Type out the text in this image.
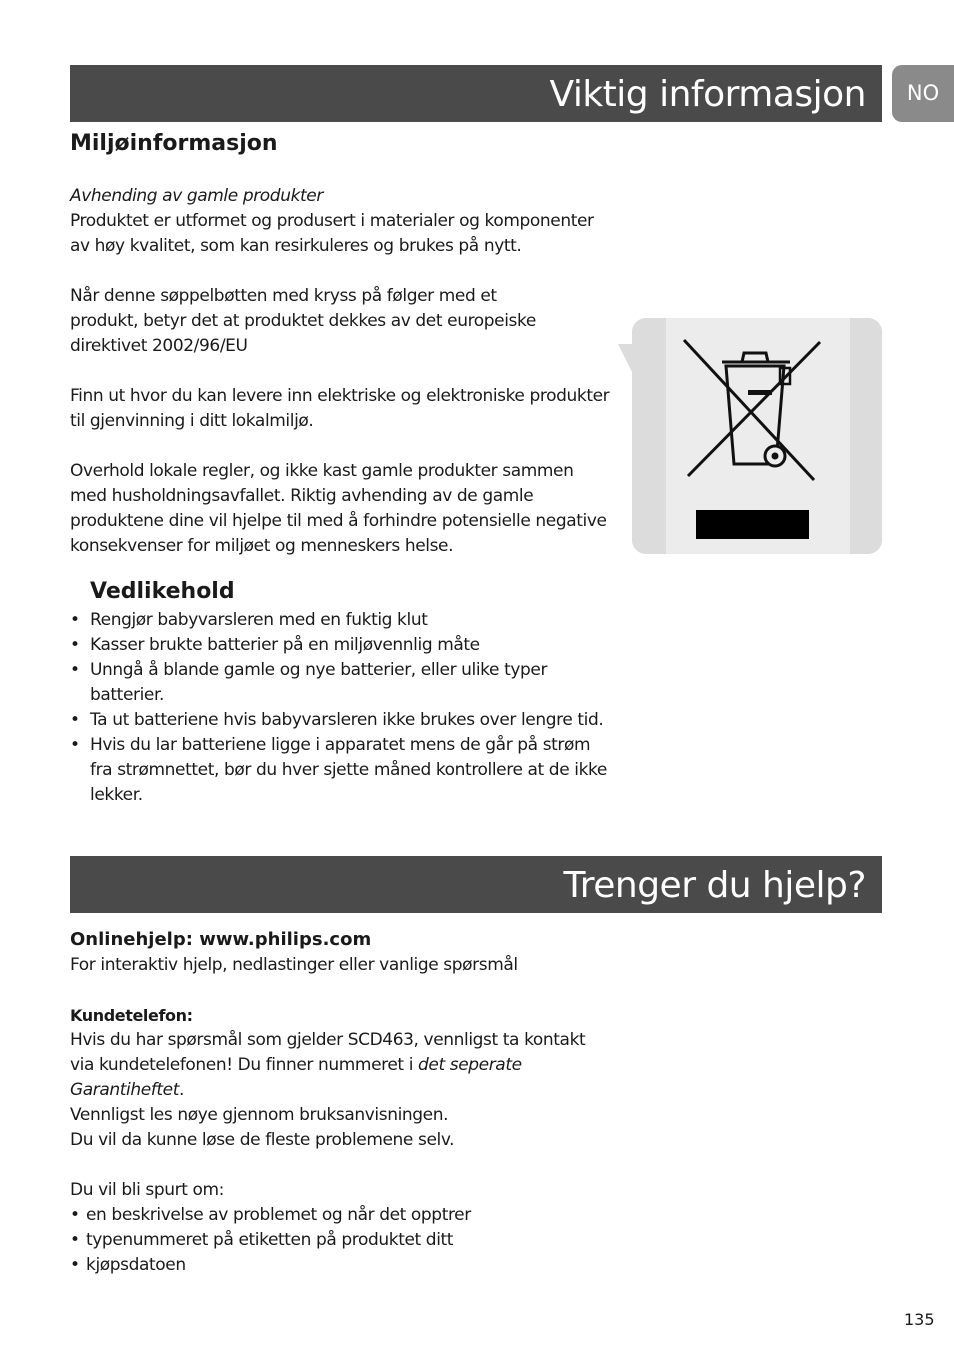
Viktig informasjon	NO
Miljøinformasjon

Avhending av gamle produkter

Produktet er utformet og produsert i materialer og komponenter av høy kvalitet, som kan resirkuleres og brukes på nytt.

Når denne søppelbøtten med kryss på følger med et produkt, betyr det at produktet dekkes av det europeiske direktivet 2002/96/EU

Finn ut hvor du kan levere inn elektriske og elektroniske produkter til gjenvinning i ditt lokalmiljø.

Overhold lokale regler, og ikke kast gamle produkter sammen med husholdningsavfallet. Riktig avhending av de gamle produktene dine vil hjelpe til med å forhindre potensielle negative konsekvenser for miljøet og menneskers helse.

Vedlikehold
• Rengjør babyvarsleren med en fuktig klut
• Kasser brukte batterier på en miljøvennlig måte
• Unngå å blande gamle og nye batterier, eller ulike typer batterier.
• Ta ut batteriene hvis babyvarsleren ikke brukes over lengre tid.
• Hvis du lar batteriene ligge i apparatet mens de går på strøm fra strømnettet, bør du hver sjette måned kontrollere at de ikke lekker.
Trenger du hjelp?
Onlinehjelp: www.philips.com

For interaktiv hjelp, nedlastinger eller vanlige spørsmål

Kundetelefon:

Hvis du har spørsmål som gjelder SCD463, vennligst ta kontakt via kundetelefonen! Du finner nummeret i det seperate Garantiheftet.

Vennligst les nøye gjennom bruksanvisningen.

Du vil da kunne løse de fleste problemene selv.

Du vil bli spurt om:

• en beskrivelse av problemet og når det opptrer
• typenummeret på etiketten på produktet ditt
• kjøpsdatoen
135
